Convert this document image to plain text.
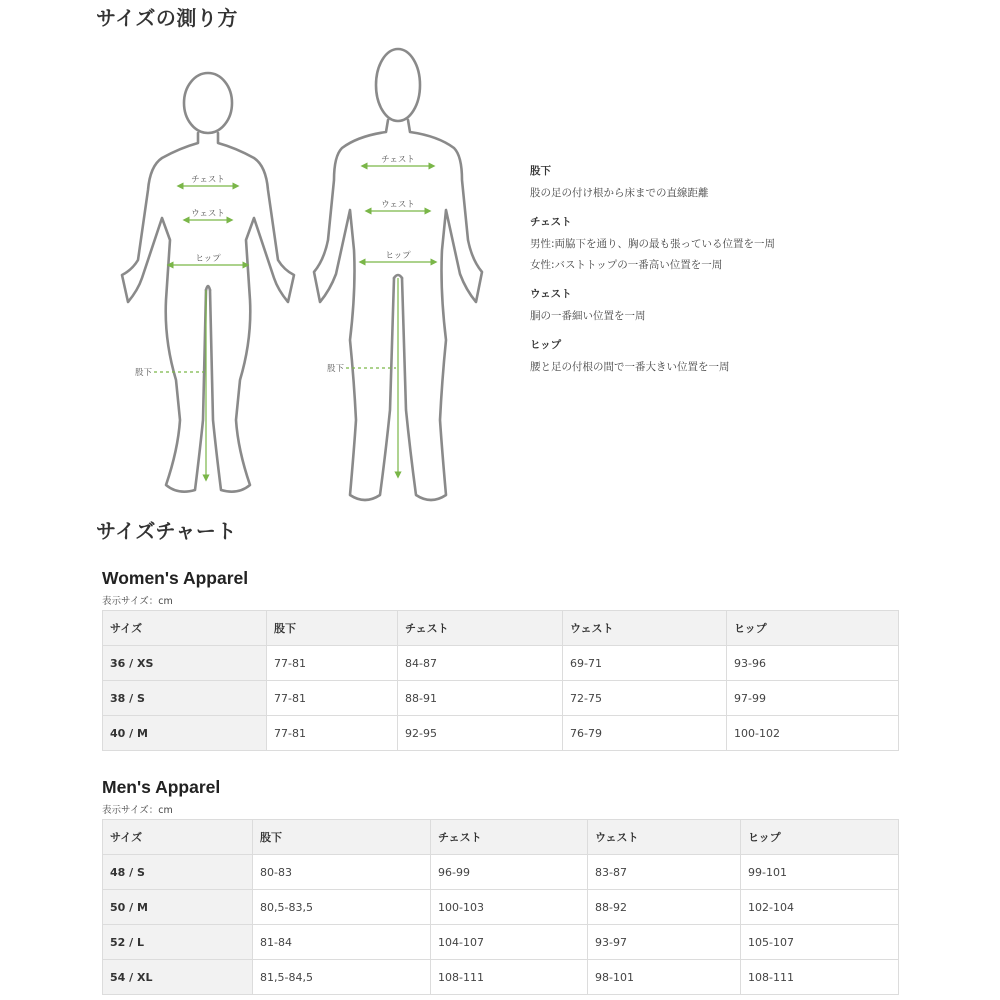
サイズの測り方
チェスト
ウェスト
ヒップ
股下
チェスト
ウェスト
ヒップ
股下

股下

股の足の付け根から床までの直線距離

チェスト

男性:両脇下を通り、胸の最も張っている位置を一周

女性:バストトップの一番高い位置を一周

ウェスト

胴の一番細い位置を一周

ヒップ

腰と足の付根の間で一番大きい位置を一周

サイズチャート
Women's Apparel

表示サイズ：cm

サイズ	股下	チェスト	ウェスト	ヒップ
36 / XS	77-81	84-87	69-71	93-96
38 / S	77-81	88-91	72-75	97-99
40 / M	77-81	92-95	76-79	100-102
Men's Apparel

表示サイズ：cm

サイズ	股下	チェスト	ウェスト	ヒップ
48 / S	80-83	96-99	83-87	99-101
50 / M	80,5-83,5	100-103	88-92	102-104
52 / L	81-84	104-107	93-97	105-107
54 / XL	81,5-84,5	108-111	98-101	108-111
